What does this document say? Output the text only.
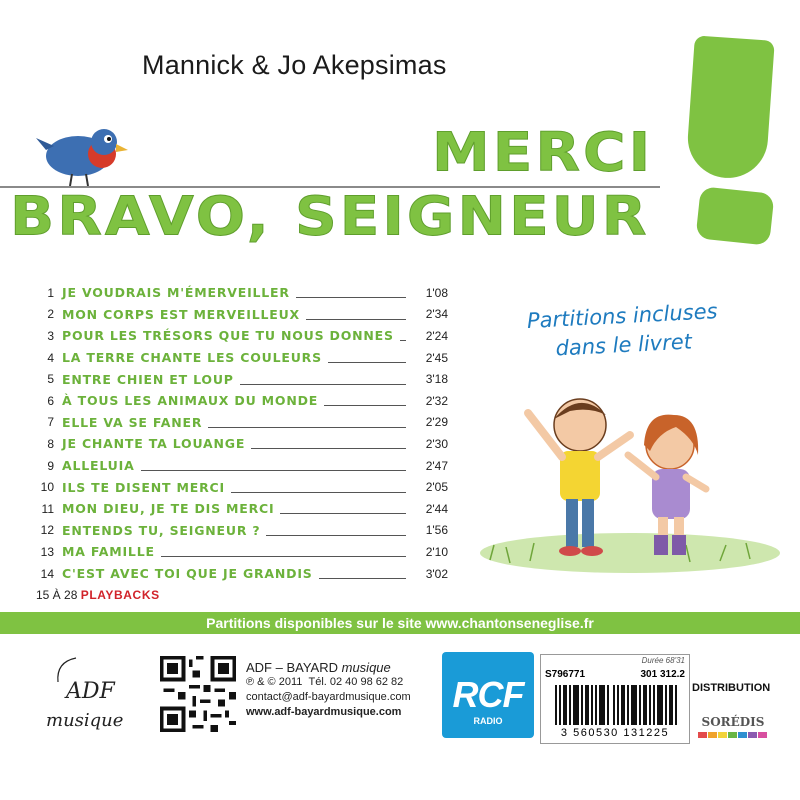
Mannick & Jo Akepsimas
MERCI
BRAVO, SEIGNEUR
1 JE VOUDRAIS M'ÉMERVEILLER	1'08
2 MON CORPS EST MERVEILLEUX	2'34
3 POUR LES TRÉSORS QUE TU NOUS DONNES	2'24
4 LA TERRE CHANTE LES COULEURS	2'45
5 ENTRE CHIEN ET LOUP	3'18
6 À TOUS LES ANIMAUX DU MONDE	2'32
7 ELLE VA SE FANER	2'29
8 JE CHANTE TA LOUANGE	2'30
9 ALLELUIA	2'47
10 ILS TE DISENT MERCI	2'05
11 MON DIEU, JE TE DIS MERCI	2'44
12 ENTENDS TU, SEIGNEUR ?	1'56
13 MA FAMILLE	2'10
14 C'EST AVEC TOI QUE JE GRANDIS	3'02
15 À 28 PLAYBACKS
Partitions incluses
dans le livret
Partitions disponibles sur le site www.chantonseneglise.fr
ADF
musique
ADF – BAYARD musique
℗ & © 2011 Tél. 02 40 98 62 82
contact@adf-bayardmusique.com
www.adf-bayardmusique.com RCF
RADIO
Durée 68'31
S796771	301 312.2
3 560530 131225
DISTRIBUTION
SORÉDIS
